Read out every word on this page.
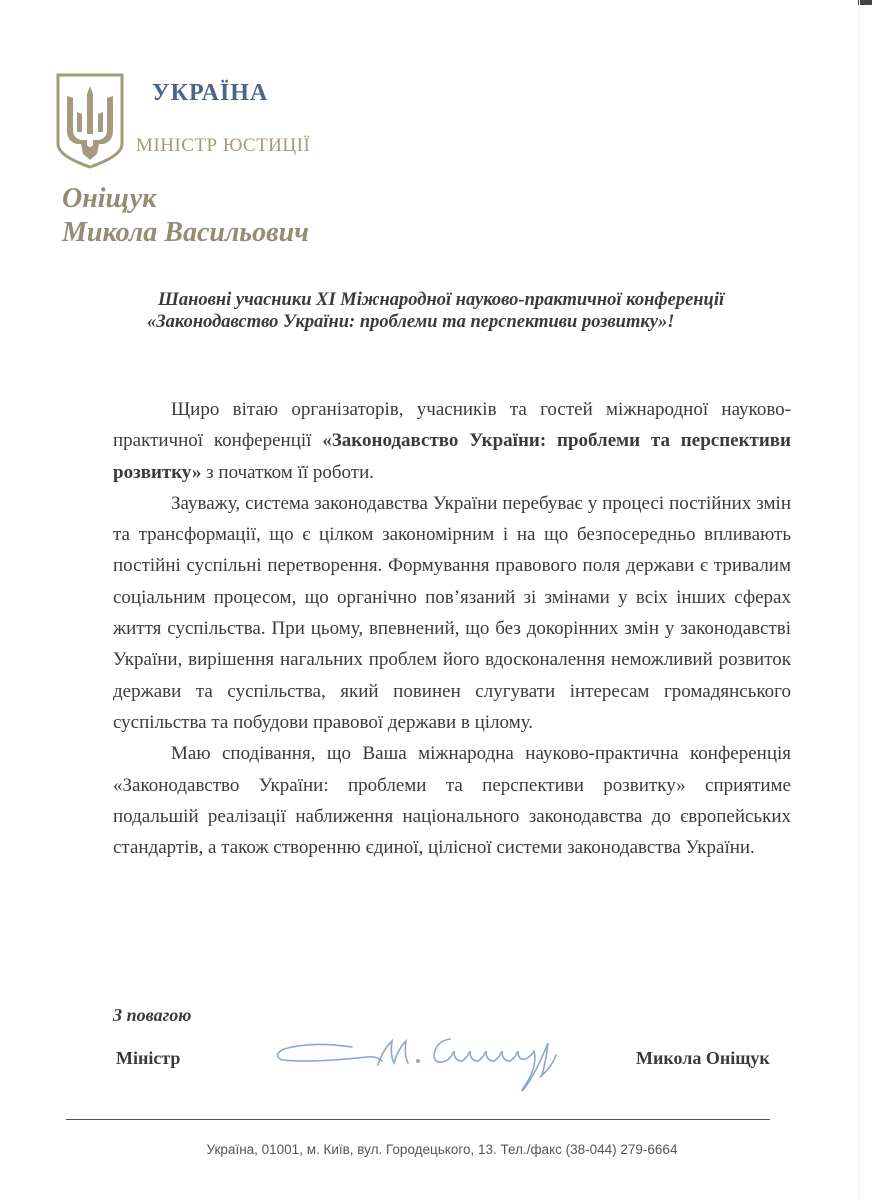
УКРАЇНА
МІНІСТР ЮСТИЦІЇ
Оніщук
Микола Васильович
Шановні учасники XI Міжнародної науково-практичної конференції
«Законодавство України: проблеми та перспективи розвитку»!

Щиро вітаю організаторів, учасників та гостей міжнародної науково-практичної конференції «Законодавство України: проблеми та перспективи розвитку» з початком її роботи.

Зауважу, система законодавства України перебуває у процесі постійних змін та трансформації, що є цілком закономірним і на що безпосередньо впливають постійні суспільні перетворення. Формування правового поля держави є тривалим соціальним процесом, що органічно пов’язаний зі змінами у всіх інших сферах життя суспільства. При цьому, впевнений, що без докорінних змін у законодавстві України, вирішення нагальних проблем його вдосконалення неможливий розвиток держави та суспільства, який повинен слугувати інтересам громадянського суспільства та побудови правової держави в цілому.

Маю сподівання, що Ваша міжнародна науково-практична конференція «Законодавство України: проблеми та перспективи розвитку» сприятиме подальшій реалізації наближення національного законодавства до європейських стандартів, а також створенню єдиної, цілісної системи законодавства України.

З повагою
Міністр	Микола Оніщук
Україна, 01001, м. Київ, вул. Городецького, 13. Тел./факс (38-044) 279-6664
